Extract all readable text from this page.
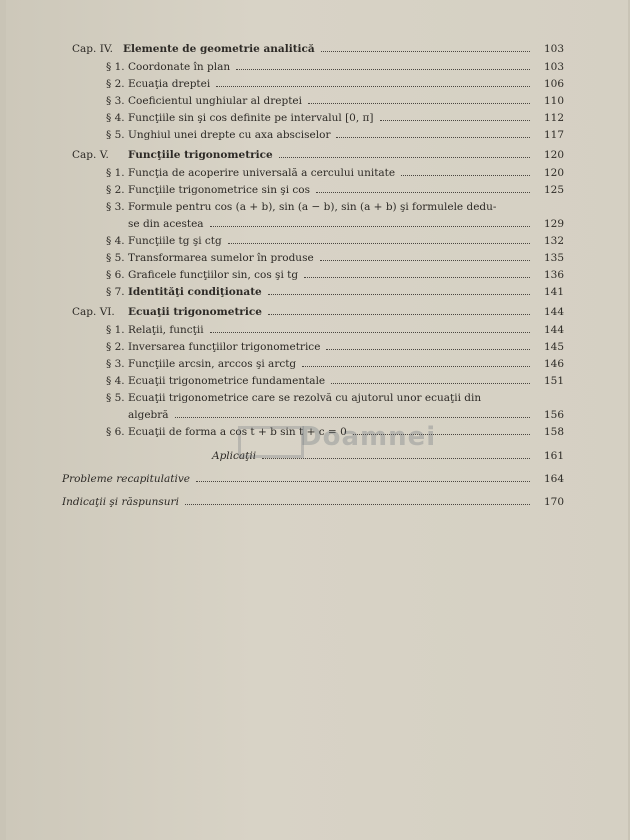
Cap. IV. Elemente de geometrie analitică	103
§ 1. Coordonate în plan	103
§ 2. Ecuaţia dreptei	106
§ 3. Coeficientul unghiular al dreptei	110
§ 4. Funcţiile sin şi cos definite pe intervalul [0, π]	112
§ 5. Unghiul unei drepte cu axa absciselor	117
Cap. V. Funcţiile trigonometrice	120
§ 1. Funcţia de acoperire universală a cercului unitate	120
§ 2. Funcţiile trigonometrice sin şi cos	125
§ 3. Formule pentru cos (a + b), sin (a − b), sin (a + b) şi formulele dedu-
se din acestea	129
§ 4. Funcţiile tg şi ctg	132
§ 5. Transformarea sumelor în produse	135
§ 6. Graficele funcţiilor sin, cos şi tg	136
§ 7. Identităţi condiţionate	141
Cap. VI. Ecuaţii trigonometrice	144
§ 1. Relaţii, funcţii	144
§ 2. Inversarea funcţiilor trigonometrice	145
§ 3. Funcţiile arcsin, arccos şi arctg	146
§ 4. Ecuaţii trigonometrice fundamentale	151
§ 5. Ecuaţii trigonometrice care se rezolvă cu ajutorul unor ecuaţii din
algebră	156
§ 6. Ecuaţii de forma a cos t + b sin t + c = 0	158
Aplicaţii	161
Probleme recapitulative	164
Indicaţii şi răspunsuri	170
Doamnei
